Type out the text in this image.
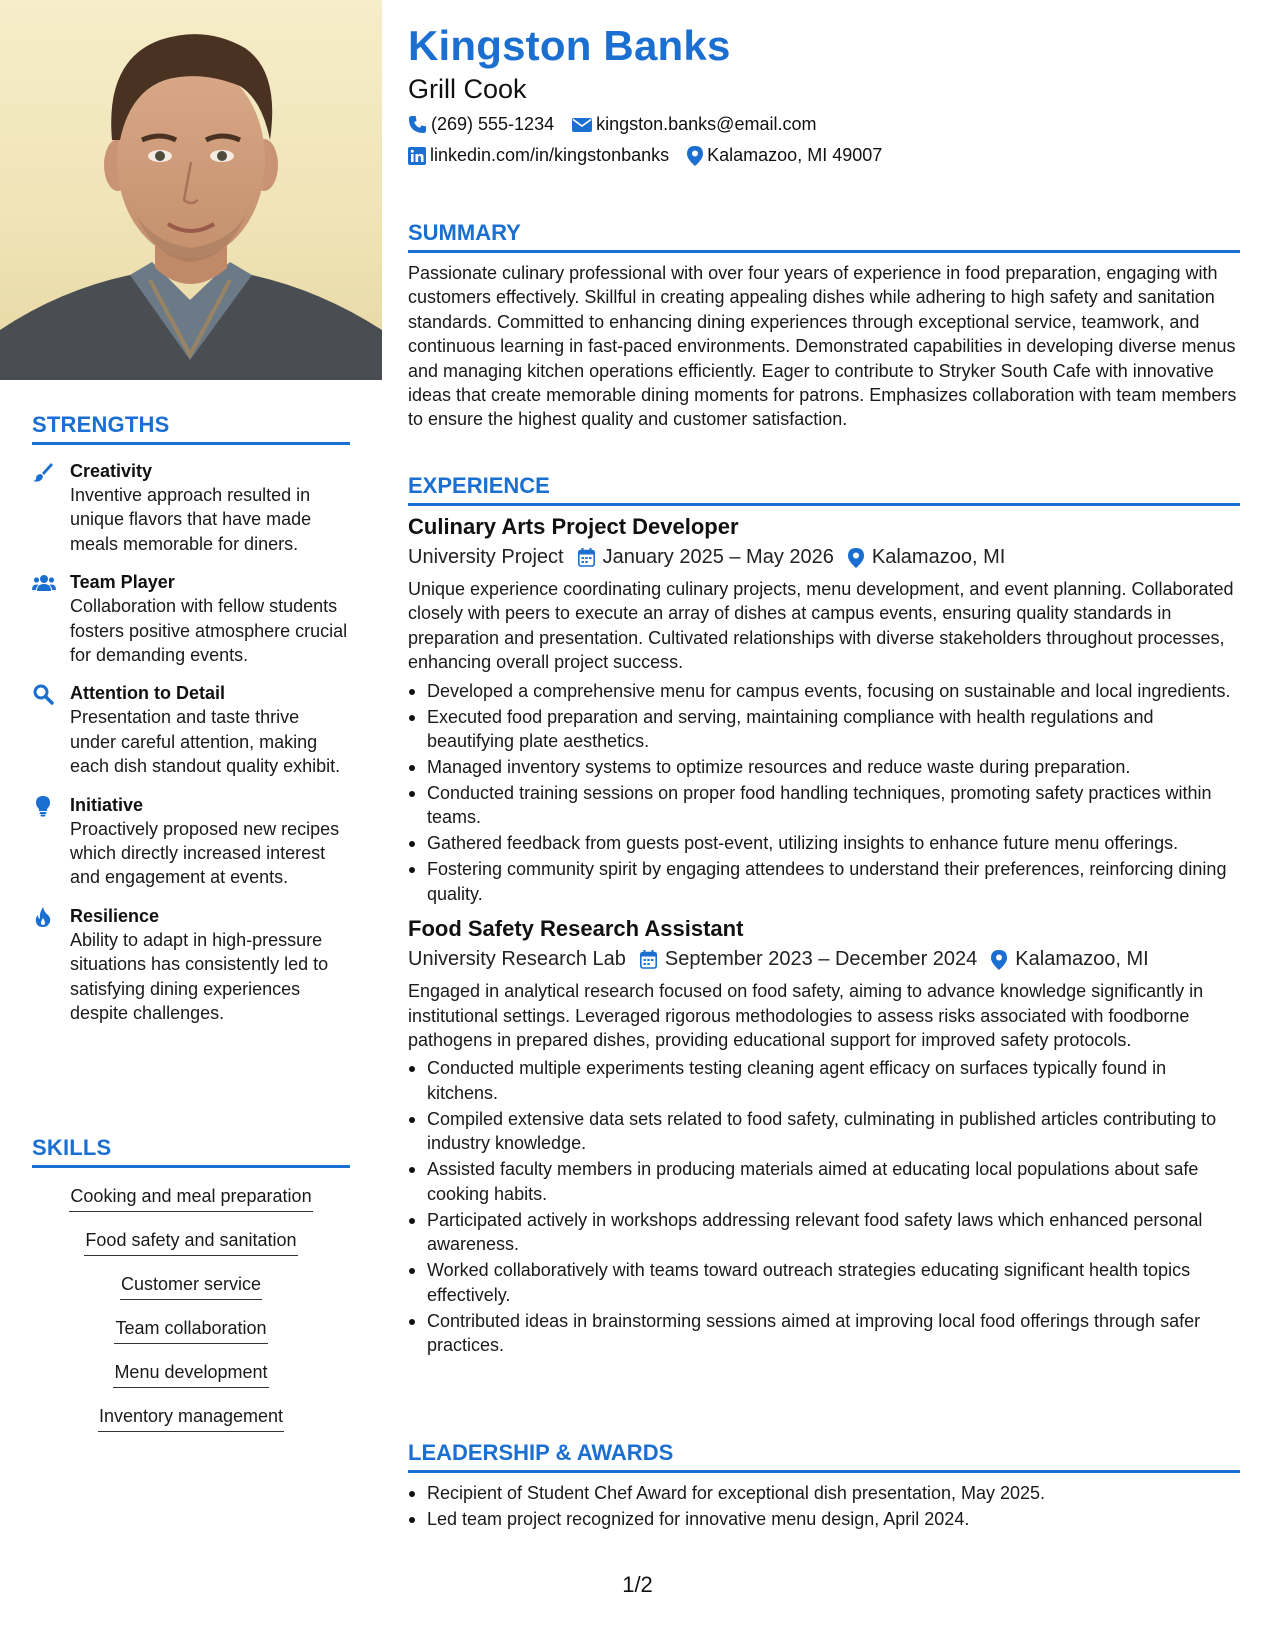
STRENGTHS
Creativity
Inventive approach resulted in unique flavors that have made meals memorable for diners.
Team Player
Collaboration with fellow students fosters positive atmosphere crucial for demanding events.
Attention to Detail
Presentation and taste thrive under careful attention, making each dish standout quality exhibit.
Initiative
Proactively proposed new recipes which directly increased interest and engagement at events.
Resilience
Ability to adapt in high-pressure situations has consistently led to satisfying dining experiences despite challenges.
SKILLS
Cooking and meal preparation
Food safety and sanitation
Customer service
Team collaboration
Menu development
Inventory management
Kingston Banks
Grill Cook
(269) 555-1234 kingston.banks@email.com
linkedin.com/in/kingstonbanks Kalamazoo, MI 49007
SUMMARY
Passionate culinary professional with over four years of experience in food preparation, engaging with customers effectively. Skillful in creating appealing dishes while adhering to high safety and sanitation standards. Committed to enhancing dining experiences through exceptional service, teamwork, and continuous learning in fast-paced environments. Demonstrated capabilities in developing diverse menus and managing kitchen operations efficiently. Eager to contribute to Stryker South Cafe with innovative ideas that create memorable dining moments for patrons. Emphasizes collaboration with team members to ensure the highest quality and customer satisfaction.
EXPERIENCE
Culinary Arts Project Developer
University Project January 2025 – May 2026 Kalamazoo, MI
Unique experience coordinating culinary projects, menu development, and event planning. Collaborated closely with peers to execute an array of dishes at campus events, ensuring quality standards in preparation and presentation. Cultivated relationships with diverse stakeholders throughout processes, enhancing overall project success.
Developed a comprehensive menu for campus events, focusing on sustainable and local ingredients.
Executed food preparation and serving, maintaining compliance with health regulations and beautifying plate aesthetics.
Managed inventory systems to optimize resources and reduce waste during preparation.
Conducted training sessions on proper food handling techniques, promoting safety practices within teams.
Gathered feedback from guests post-event, utilizing insights to enhance future menu offerings.
Fostering community spirit by engaging attendees to understand their preferences, reinforcing dining quality.
Food Safety Research Assistant
University Research Lab September 2023 – December 2024 Kalamazoo, MI
Engaged in analytical research focused on food safety, aiming to advance knowledge significantly in institutional settings. Leveraged rigorous methodologies to assess risks associated with foodborne pathogens in prepared dishes, providing educational support for improved safety protocols.
Conducted multiple experiments testing cleaning agent efficacy on surfaces typically found in kitchens.
Compiled extensive data sets related to food safety, culminating in published articles contributing to industry knowledge.
Assisted faculty members in producing materials aimed at educating local populations about safe cooking habits.
Participated actively in workshops addressing relevant food safety laws which enhanced personal awareness.
Worked collaboratively with teams toward outreach strategies educating significant health topics effectively.
Contributed ideas in brainstorming sessions aimed at improving local food offerings through safer practices.
LEADERSHIP & AWARDS
Recipient of Student Chef Award for exceptional dish presentation, May 2025.
Led team project recognized for innovative menu design, April 2024.
1/2
